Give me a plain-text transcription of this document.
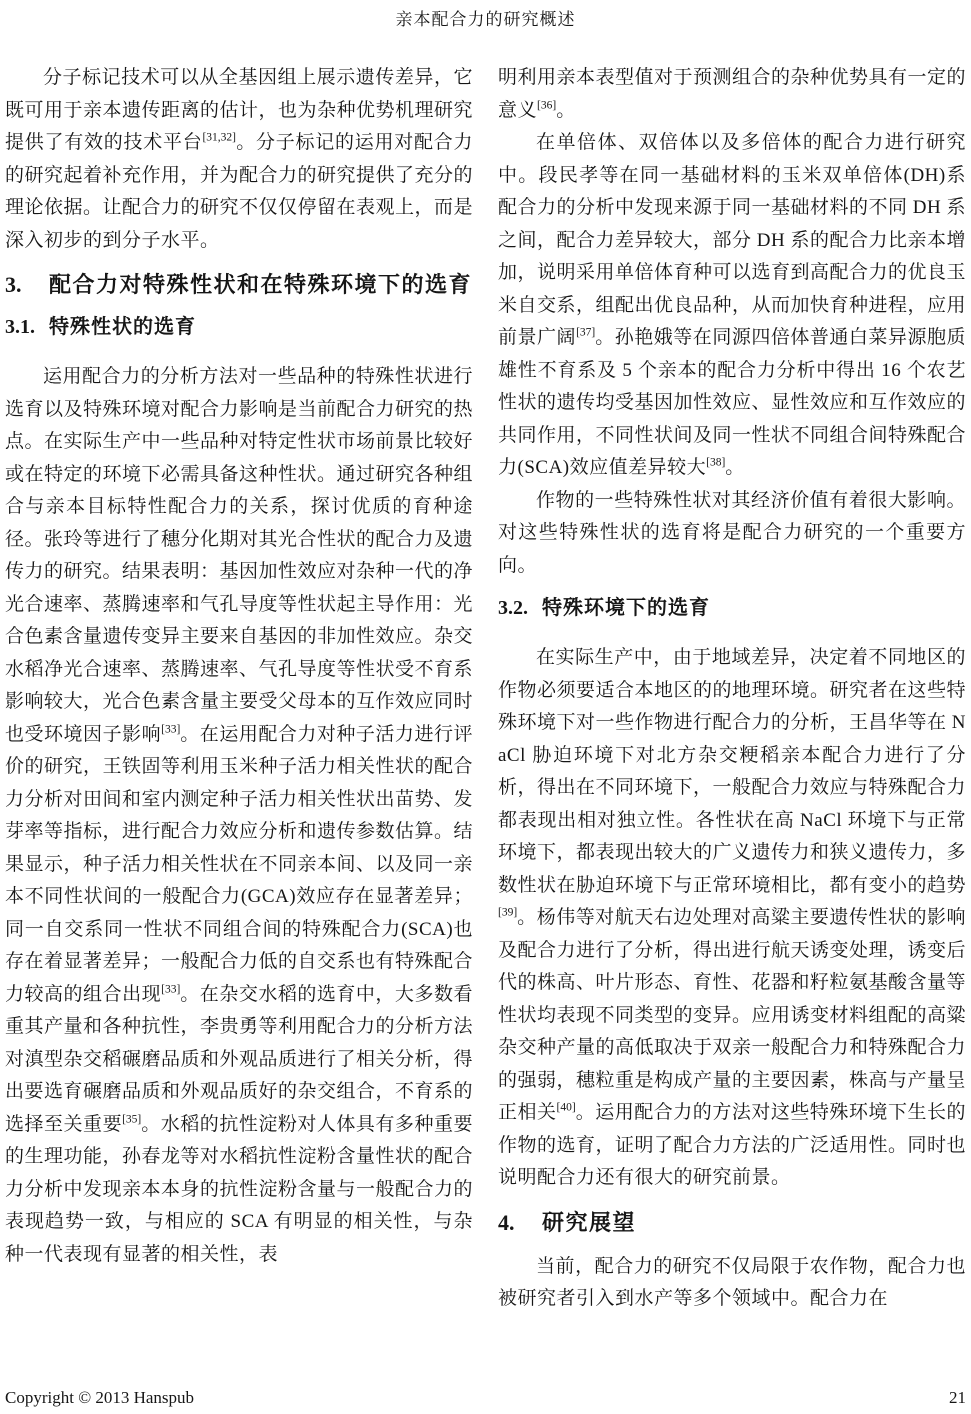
亲本配合力的研究概述

分子标记技术可以从全基因组上展示遗传差异，它既可用于亲本遗传距离的估计，也为杂种优势机理研究提供了有效的技术平台[31,32]。分子标记的运用对配合力的研究起着补充作用，并为配合力的研究提供了充分的理论依据。让配合力的研究不仅仅停留在表观上，而是深入初步的到分子水平。

3. 配合力对特殊性状和在特殊环境下的选育
3.1. 特殊性状的选育

运用配合力的分析方法对一些品种的特殊性状进行选育以及特殊环境对配合力影响是当前配合力研究的热点。在实际生产中一些品种对特定性状市场前景比较好或在特定的环境下必需具备这种性状。通过研究各种组合与亲本目标特性配合力的关系，探讨优质的育种途径。张玲等进行了穗分化期对其光合性状的配合力及遗传力的研究。结果表明：基因加性效应对杂种一代的净光合速率、蒸腾速率和气孔导度等性状起主导作用：光合色素含量遗传变异主要来自基因的非加性效应。杂交水稻净光合速率、蒸腾速率、气孔导度等性状受不育系影响较大，光合色素含量主要受父母本的互作效应同时也受环境因子影响[33]。在运用配合力对种子活力进行评价的研究，王铁固等利用玉米种子活力相关性状的配合力分析对田间和室内测定种子活力相关性状出苗势、发芽率等指标，进行配合力效应分析和遗传参数估算。结果显示，种子活力相关性状在不同亲本间、以及同一亲本不同性状间的一般配合力(GCA)效应存在显著差异；同一自交系同一性状不同组合间的特殊配合力(SCA)也存在着显著差异；一般配合力低的自交系也有特殊配合力较高的组合出现[33]。在杂交水稻的选育中，大多数看重其产量和各种抗性，李贵勇等利用配合力的分析方法对滇型杂交稻碾磨品质和外观品质进行了相关分析，得出要选育碾磨品质和外观品质好的杂交组合，不育系的选择至关重要[35]。水稻的抗性淀粉对人体具有多种重要的生理功能，孙春龙等对水稻抗性淀粉含量性状的配合力分析中发现亲本本身的抗性淀粉含量与一般配合力的表现趋势一致，与相应的 SCA 有明显的相关性，与杂种一代表现有显著的相关性，表

明利用亲本表型值对于预测组合的杂种优势具有一定的意义[36]。

在单倍体、双倍体以及多倍体的配合力进行研究中。段民孝等在同一基础材料的玉米双单倍体(DH)系配合力的分析中发现来源于同一基础材料的不同 DH 系之间，配合力差异较大，部分 DH 系的配合力比亲本增加，说明采用单倍体育种可以选育到高配合力的优良玉米自交系，组配出优良品种，从而加快育种进程，应用前景广阔[37]。孙艳娥等在同源四倍体普通白菜异源胞质雄性不育系及 5 个亲本的配合力分析中得出 16 个农艺性状的遗传均受基因加性效应、显性效应和互作效应的共同作用，不同性状间及同一性状不同组合间特殊配合力(SCA)效应值差异较大[38]。

作物的一些特殊性状对其经济价值有着很大影响。对这些特殊性状的选育将是配合力研究的一个重要方向。

3.2. 特殊环境下的选育

在实际生产中，由于地域差异，决定着不同地区的作物必须要适合本地区的的地理环境。研究者在这些特殊环境下对一些作物进行配合力的分析，王昌华等在 NaCl 胁迫环境下对北方杂交粳稻亲本配合力进行了分析，得出在不同环境下，一般配合力效应与特殊配合力都表现出相对独立性。各性状在高 NaCl 环境下与正常环境下，都表现出较大的广义遗传力和狭义遗传力，多数性状在胁迫环境下与正常环境相比，都有变小的趋势[39]。杨伟等对航天右边处理对高粱主要遗传性状的影响及配合力进行了分析，得出进行航天诱变处理，诱变后代的株高、叶片形态、育性、花器和籽粒氨基酸含量等性状均表现不同类型的变异。应用诱变材料组配的高粱杂交种产量的高低取决于双亲一般配合力和特殊配合力的强弱，穗粒重是构成产量的主要因素，株高与产量呈正相关[40]。运用配合力的方法对这些特殊环境下生长的作物的选育，证明了配合力方法的广泛适用性。同时也说明配合力还有很大的研究前景。

4. 研究展望

当前，配合力的研究不仅局限于农作物，配合力也被研究者引入到水产等多个领域中。配合力在

Copyright © 2013 Hanspub	21
